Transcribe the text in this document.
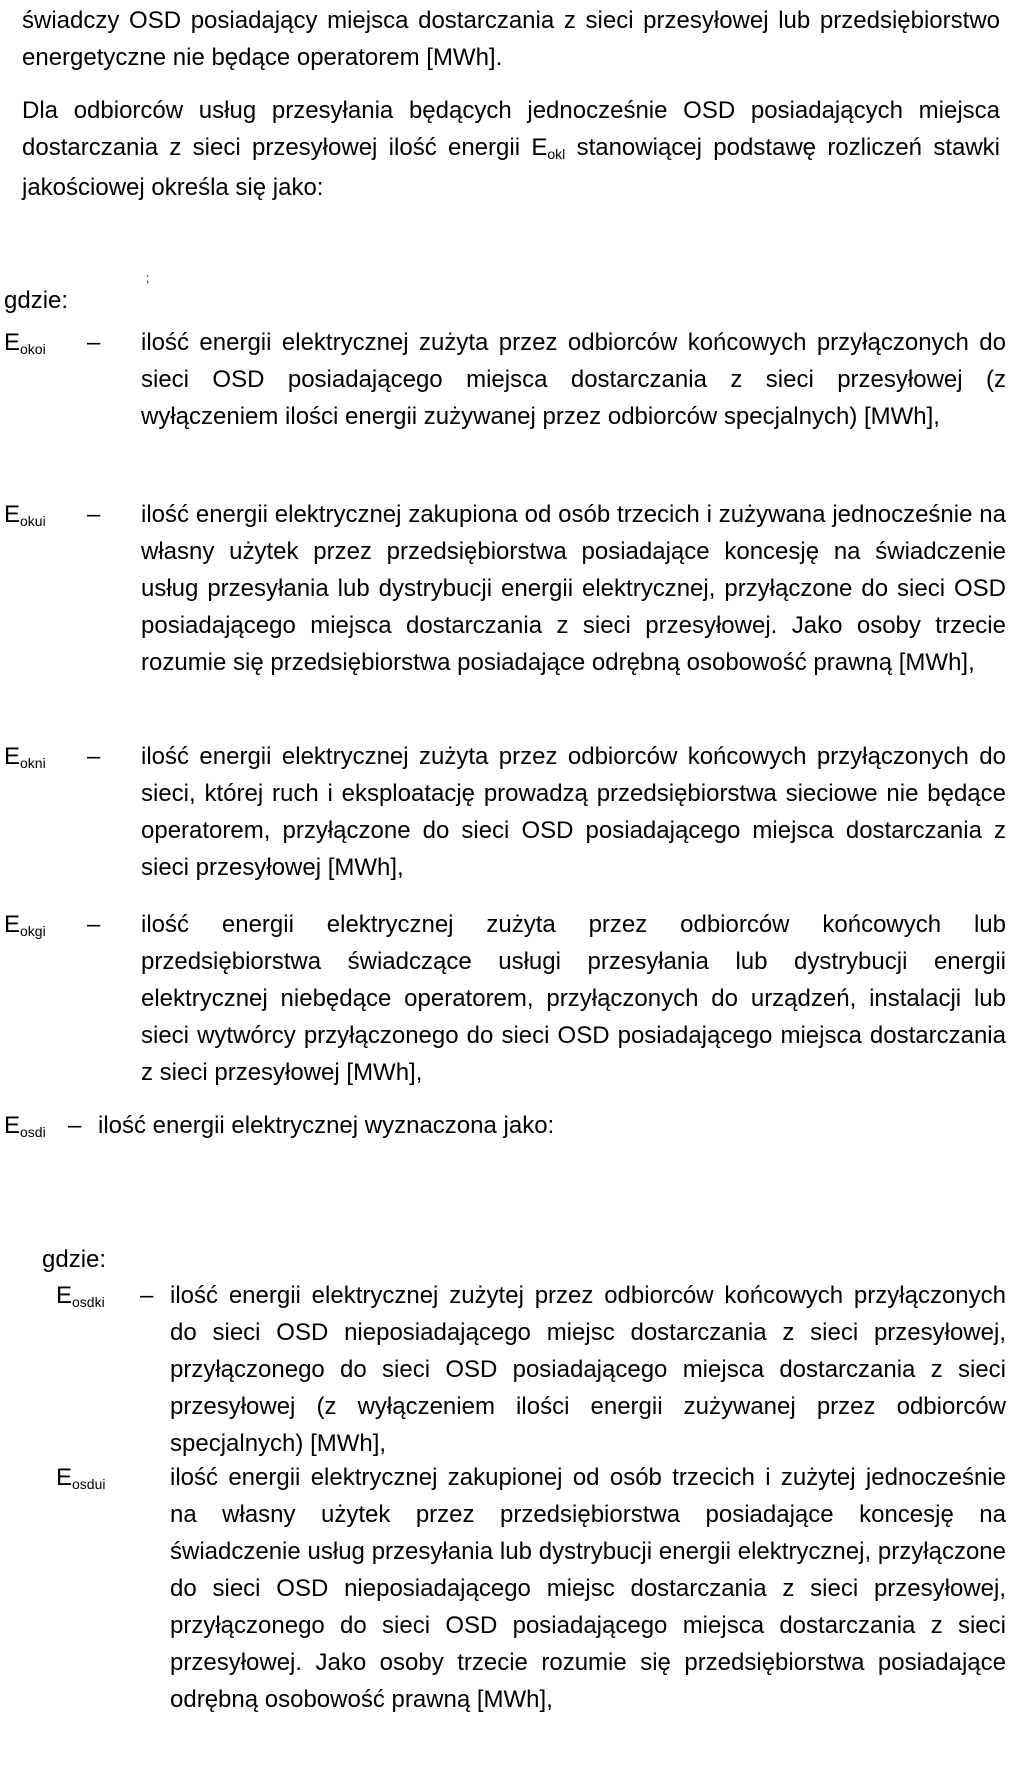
świadczy OSD posiadający miejsca dostarczania z sieci przesyłowej lub przedsiębiorstwo energetyczne nie będące operatorem [MWh].
Dla odbiorców usług przesyłania będących jednocześnie OSD posiadających miejsca dostarczania z sieci przesyłowej ilość energii Eokl stanowiącej podstawę rozliczeń stawki jakościowej określa się jako:
gdzie:
;
Eokoi	–	ilość energii elektrycznej zużyta przez odbiorców końcowych przyłączonych do sieci OSD posiadającego miejsca dostarczania z sieci przesyłowej (z wyłączeniem ilości energii zużywanej przez odbiorców specjalnych) [MWh],
Eokui	–	ilość energii elektrycznej zakupiona od osób trzecich i zużywana jednocześnie na własny użytek przez przedsiębiorstwa posiadające koncesję na świadczenie usług przesyłania lub dystrybucji energii elektrycznej, przyłączone do sieci OSD posiadającego miejsca dostarczania z sieci przesyłowej. Jako osoby trzecie rozumie się przedsiębiorstwa posiadające odrębną osobowość prawną [MWh],
Eokni	–	ilość energii elektrycznej zużyta przez odbiorców końcowych przyłączonych do sieci, której ruch i eksploatację prowadzą przedsiębiorstwa sieciowe nie będące operatorem, przyłączone do sieci OSD posiadającego miejsca dostarczania z sieci przesyłowej [MWh],
Eokgi	–	ilość energii elektrycznej zużyta przez odbiorców końcowych lub przedsiębiorstwa świadczące usługi przesyłania lub dystrybucji energii elektrycznej niebędące operatorem, przyłączonych do urządzeń, instalacji lub sieci wytwórcy przyłączonego do sieci OSD posiadającego miejsca dostarczania z sieci przesyłowej [MWh],
Eosdi – ilość energii elektrycznej wyznaczona jako:
gdzie:
Eosdki	– ilość energii elektrycznej zużytej przez odbiorców końcowych przyłączonych do sieci OSD nieposiadającego miejsc dostarczania z sieci przesyłowej, przyłączonego do sieci OSD posiadającego miejsca dostarczania z sieci przesyłowej (z wyłączeniem ilości energii zużywanej przez odbiorców specjalnych) [MWh],
Eosdui	ilość energii elektrycznej zakupionej od osób trzecich i zużytej jednocześnie na własny użytek przez przedsiębiorstwa posiadające koncesję na świadczenie usług przesyłania lub dystrybucji energii elektrycznej, przyłączone do sieci OSD nieposiadającego miejsc dostarczania z sieci przesyłowej, przyłączonego do sieci OSD posiadającego miejsca dostarczania z sieci przesyłowej. Jako osoby trzecie rozumie się przedsiębiorstwa posiadające odrębną osobowość prawną [MWh],
